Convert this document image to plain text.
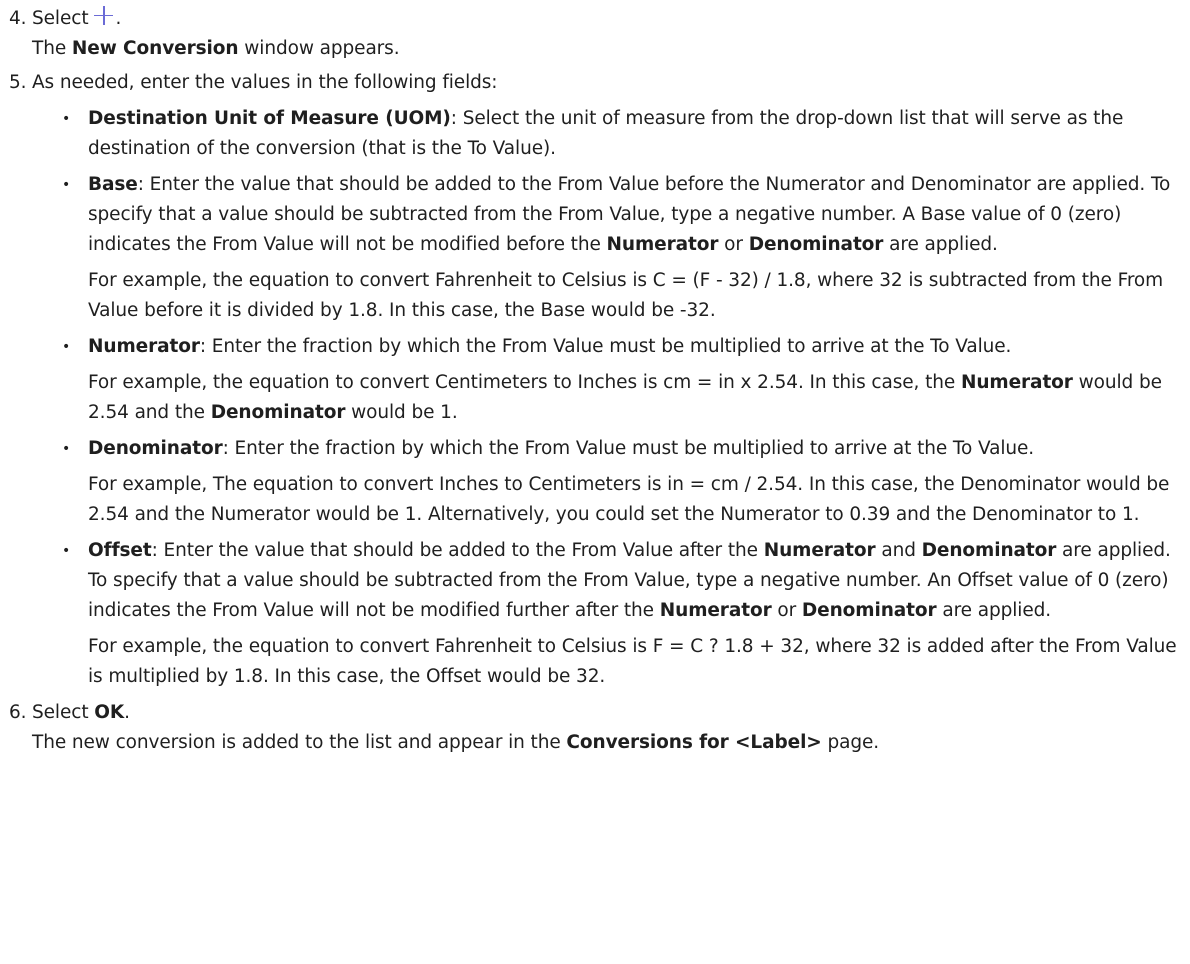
4. Select .
The New Conversion window appears.
5. As needed, enter the values in the following fields:
• Destination Unit of Measure (UOM): Select the unit of measure from the drop-down list that will serve as the destination of the conversion (that is the To Value).

• Base: Enter the value that should be added to the From Value before the Numerator and Denominator are applied. To specify that a value should be subtracted from the From Value, type a negative number. A Base value of 0 (zero) indicates the From Value will not be modified before the Numerator or Denominator are applied.

For example, the equation to convert Fahrenheit to Celsius is C = (F - 32) / 1.8, where 32 is subtracted from the From Value before it is divided by 1.8. In this case, the Base would be -32.

• Numerator: Enter the fraction by which the From Value must be multiplied to arrive at the To Value.

For example, the equation to convert Centimeters to Inches is cm = in x 2.54. In this case, the Numerator would be 2.54 and the Denominator would be 1.

• Denominator: Enter the fraction by which the From Value must be multiplied to arrive at the To Value.

For example, The equation to convert Inches to Centimeters is in = cm / 2.54. In this case, the Denominator would be 2.54 and the Numerator would be 1. Alternatively, you could set the Numerator to 0.39 and the Denominator to 1.

• Offset: Enter the value that should be added to the From Value after the Numerator and Denominator are applied. To specify that a value should be subtracted from the From Value, type a negative number. An Offset value of 0 (zero) indicates the From Value will not be modified further after the Numerator or Denominator are applied.

For example, the equation to convert Fahrenheit to Celsius is F = C ? 1.8 + 32, where 32 is added after the From Value is multiplied by 1.8. In this case, the Offset would be 32.

6. Select OK.
The new conversion is added to the list and appear in the Conversions for <Label> page.
